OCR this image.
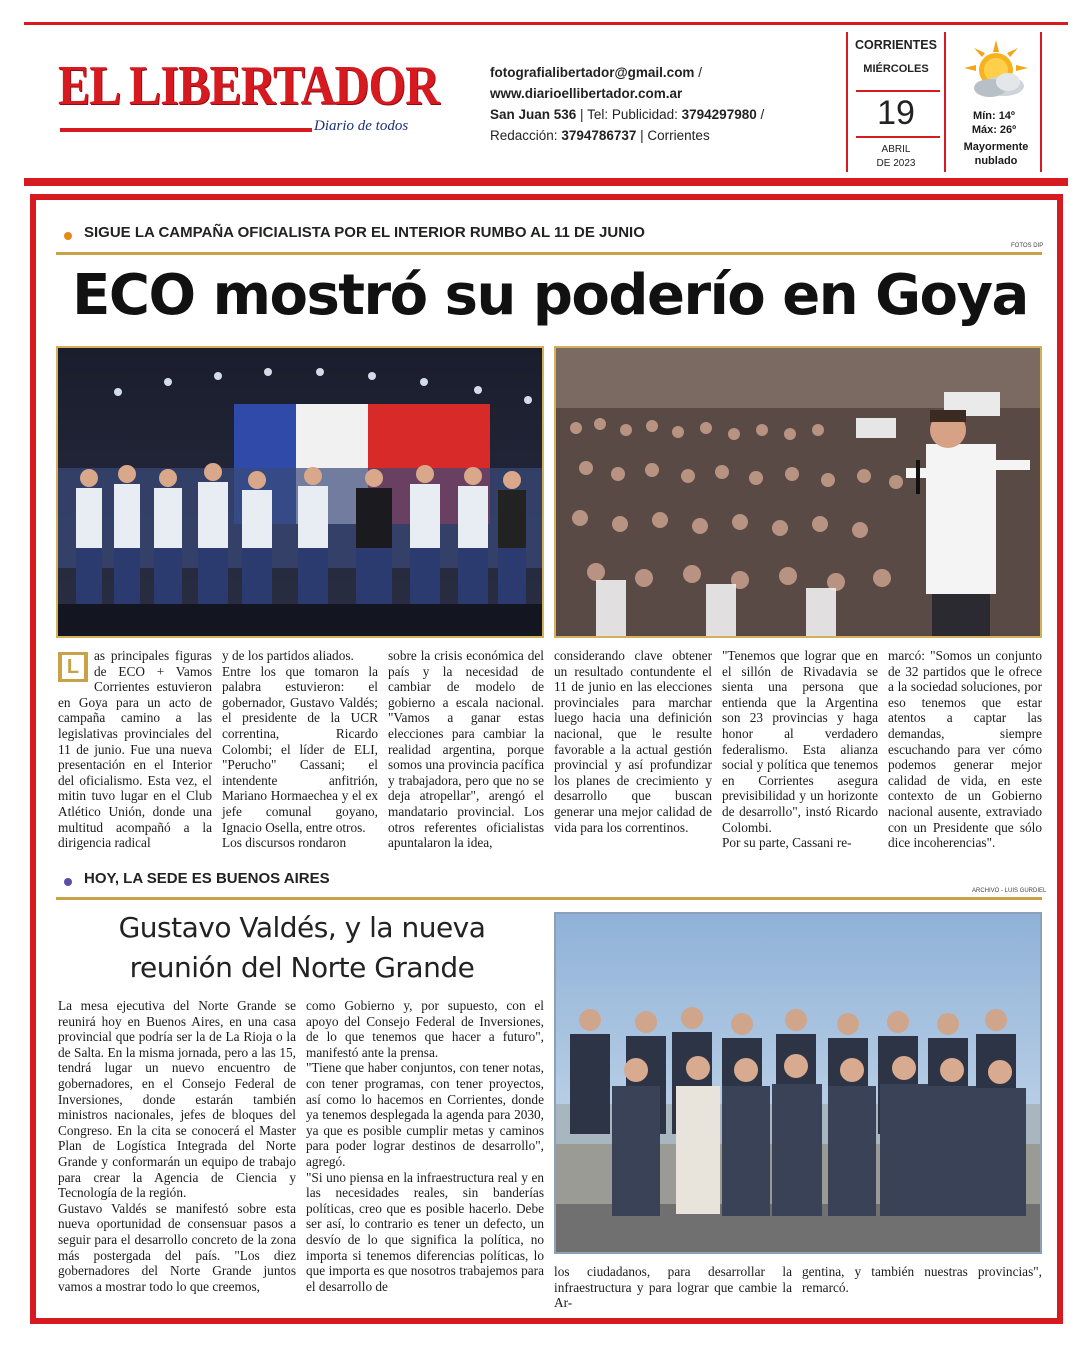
EL LIBERTADOR
Diario de todos
fotografialibertador@gmail.com /
www.diarioellibertador.com.ar
San Juan 536 | Tel: Publicidad: 3794297980 /
Redacción: 3794786737 | Corrientes
CORRIENTES
MIÉRCOLES
19
ABRIL
DE 2023
Mín: 14º
Máx: 26º
Mayormente nublado
SIGUE LA CAMPAÑA OFICIALISTA POR EL INTERIOR RUMBO AL 11 DE JUNIO
FOTOS DIP
ECO mostró su poderío en Goya
L

as principales figuras de ECO + Vamos Corrientes estuvieron en Goya para un acto de campaña camino a las legislativas provinciales del 11 de junio. Fue una nueva presentación en el Interior del oficialismo. Esta vez, el mitin tuvo lugar en el Club Atlético Unión, donde una multitud acompañó a la dirigencia radical

y de los partidos aliados.
Entre los que tomaron la palabra estuvieron: el gobernador, Gustavo Valdés; el presidente de la UCR correntina, Ricardo Colombi; el líder de ELI, "Perucho" Cassani; el intendente anfitrión, Mariano Hormaechea y el ex jefe comunal goyano, Ignacio Osella, entre otros.
Los discursos rondaron
sobre la crisis económica del país y la necesidad de cambiar de modelo de gobierno a escala nacional. "Vamos a ganar estas elecciones para cambiar la realidad argentina, porque somos una provincia pacífica y trabajadora, pero que no se deja atropellar", arengó el mandatario provincial. Los otros referentes oficialistas apuntalaron la idea,
considerando clave obtener un resultado contundente el 11 de junio en las elecciones provinciales para marchar luego hacia una definición nacional, que le resulte favorable a la actual gestión provincial y así profundizar los planes de crecimiento y desarrollo que buscan generar una mejor calidad de vida para los correntinos.
"Tenemos que lograr que en el sillón de Rivadavia se sienta una persona que entienda que la Argentina son 23 provincias y haga honor al verdadero federalismo. Esta alianza social y política que tenemos en Corrientes asegura previsibilidad y un horizonte de desarrollo", instó Ricardo Colombi.
Por su parte, Cassani re-
marcó: "Somos un conjunto de 32 partidos que le ofrece a la sociedad soluciones, por eso tenemos que estar atentos a captar las demandas, siempre escuchando para ver cómo podemos generar mejor calidad de vida, en este contexto de un Gobierno nacional ausente, extraviado con un Presidente que sólo dice incoherencias".
HOY, LA SEDE ES BUENOS AIRES
ARCHIVO - LUIS GURDIEL
Gustavo Valdés, y la nueva
reunión del Norte Grande
La mesa ejecutiva del Norte Grande se reunirá hoy en Buenos Aires, en una casa provincial que podría ser la de La Rioja o la de Salta. En la misma jornada, pero a las 15, tendrá lugar un nuevo encuentro de gobernadores, en el Consejo Federal de Inversiones, donde estarán también ministros nacionales, jefes de bloques del Congreso. En la cita se conocerá el Master Plan de Logística Integrada del Norte Grande y conformarán un equipo de trabajo para crear la Agencia de Ciencia y Tecnología de la región.
Gustavo Valdés se manifestó sobre esta nueva oportunidad de consensuar pasos a seguir para el desarrollo concreto de la zona más postergada del país. "Los diez gobernadores del Norte Grande juntos vamos a mostrar todo lo que creemos,
como Gobierno y, por supuesto, con el apoyo del Consejo Federal de Inversiones, de lo que tenemos que hacer a futuro", manifestó ante la prensa.
"Tiene que haber conjuntos, con tener notas, con tener programas, con tener proyectos, así como lo hacemos en Corrientes, donde ya tenemos desplegada la agenda para 2030, ya que es posible cumplir metas y caminos para poder lograr destinos de desarrollo", agregó.
"Si uno piensa en la infraestructura real y en las necesidades reales, sin banderías políticas, creo que es posible hacerlo. Debe ser así, lo contrario es tener un defecto, un desvío de lo que significa la política, no importa si tenemos diferencias políticas, lo que importa es que nosotros trabajemos para el desarrollo de
los ciudadanos, para desarrollar la infraestructura y para lograr que cambie la Ar-
gentina, y también nuestras provincias", remarcó.
